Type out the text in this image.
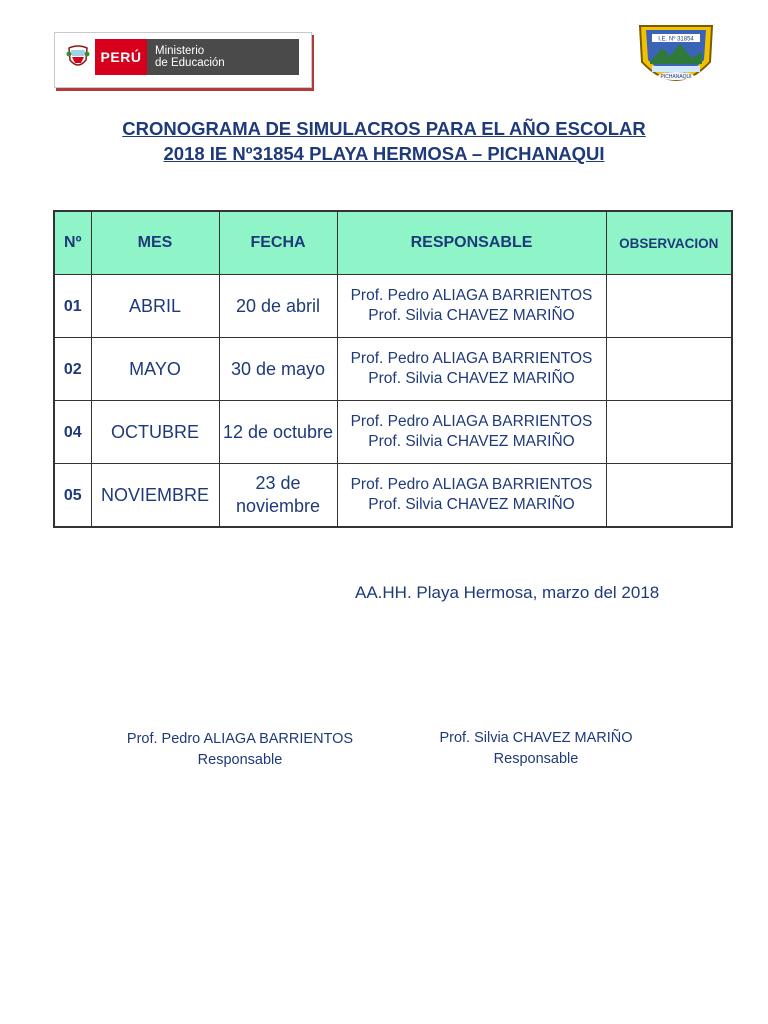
PERÚ	Ministerio
de Educación
I.E. Nº 31854
PICHANAQUI
CRONOGRAMA DE SIMULACROS PARA EL AÑO ESCOLAR
2018 IE Nº31854 PLAYA HERMOSA – PICHANAQUI
Nº	MES	FECHA	RESPONSABLE	OBSERVACION
01	ABRIL	20 de abril	Prof. Pedro ALIAGA BARRIENTOS
Prof. Silvia CHAVEZ MARIÑO	

02	MAYO	30 de mayo	Prof. Pedro ALIAGA BARRIENTOS
Prof. Silvia CHAVEZ MARIÑO	

04	OCTUBRE	12 de octubre	Prof. Pedro ALIAGA BARRIENTOS
Prof. Silvia CHAVEZ MARIÑO	

05	NOVIEMBRE	23 de noviembre	Prof. Pedro ALIAGA BARRIENTOS
Prof. Silvia CHAVEZ MARIÑO	

AA.HH. Playa Hermosa, marzo del 2018
Prof. Pedro ALIAGA BARRIENTOS
Responsable
Prof. Silvia CHAVEZ MARIÑO
Responsable
